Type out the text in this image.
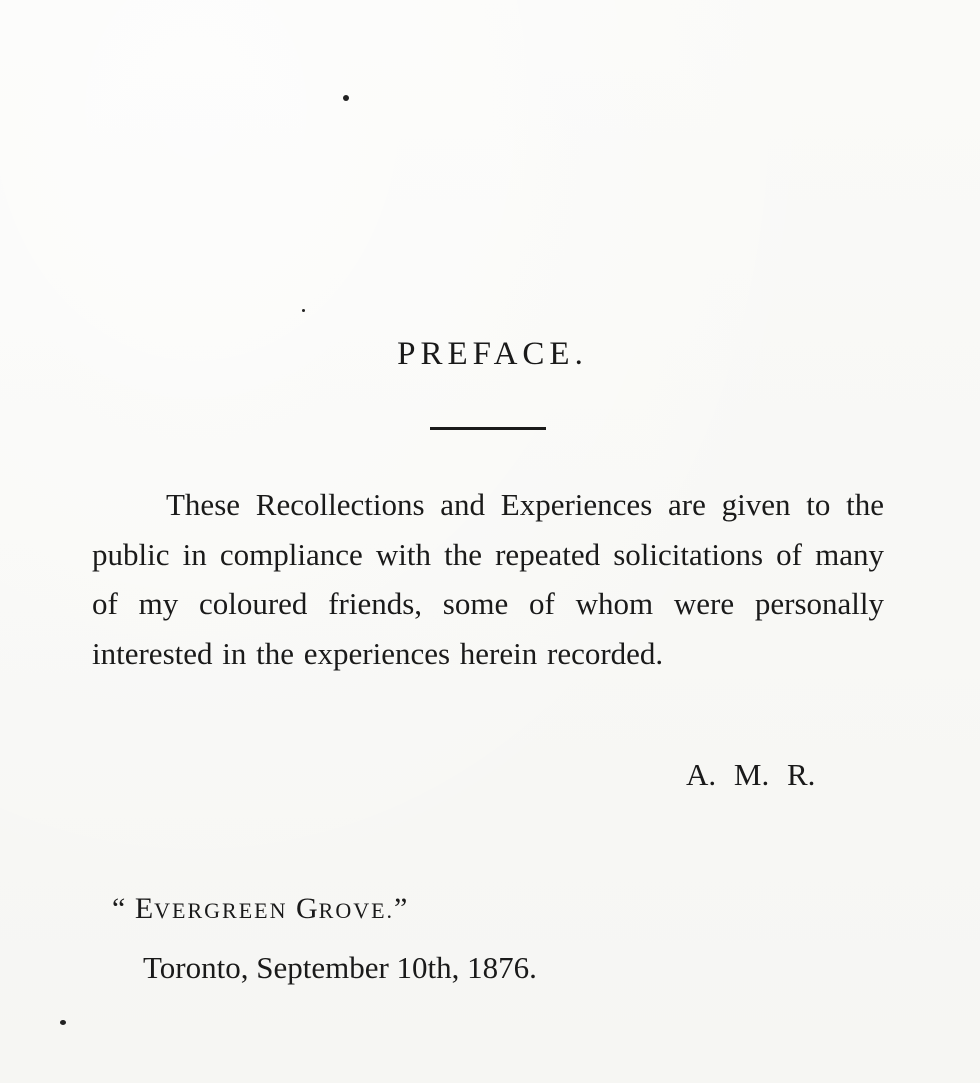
PREFACE.
These Recollections and Experiences are given to the public in compliance with the repeated solicitations of many of my coloured friends, some of whom were personally interested in the experiences herein recorded.
A. M. R.
“ EVERGREEN GROVE.”
Toronto, September 10th, 1876.
